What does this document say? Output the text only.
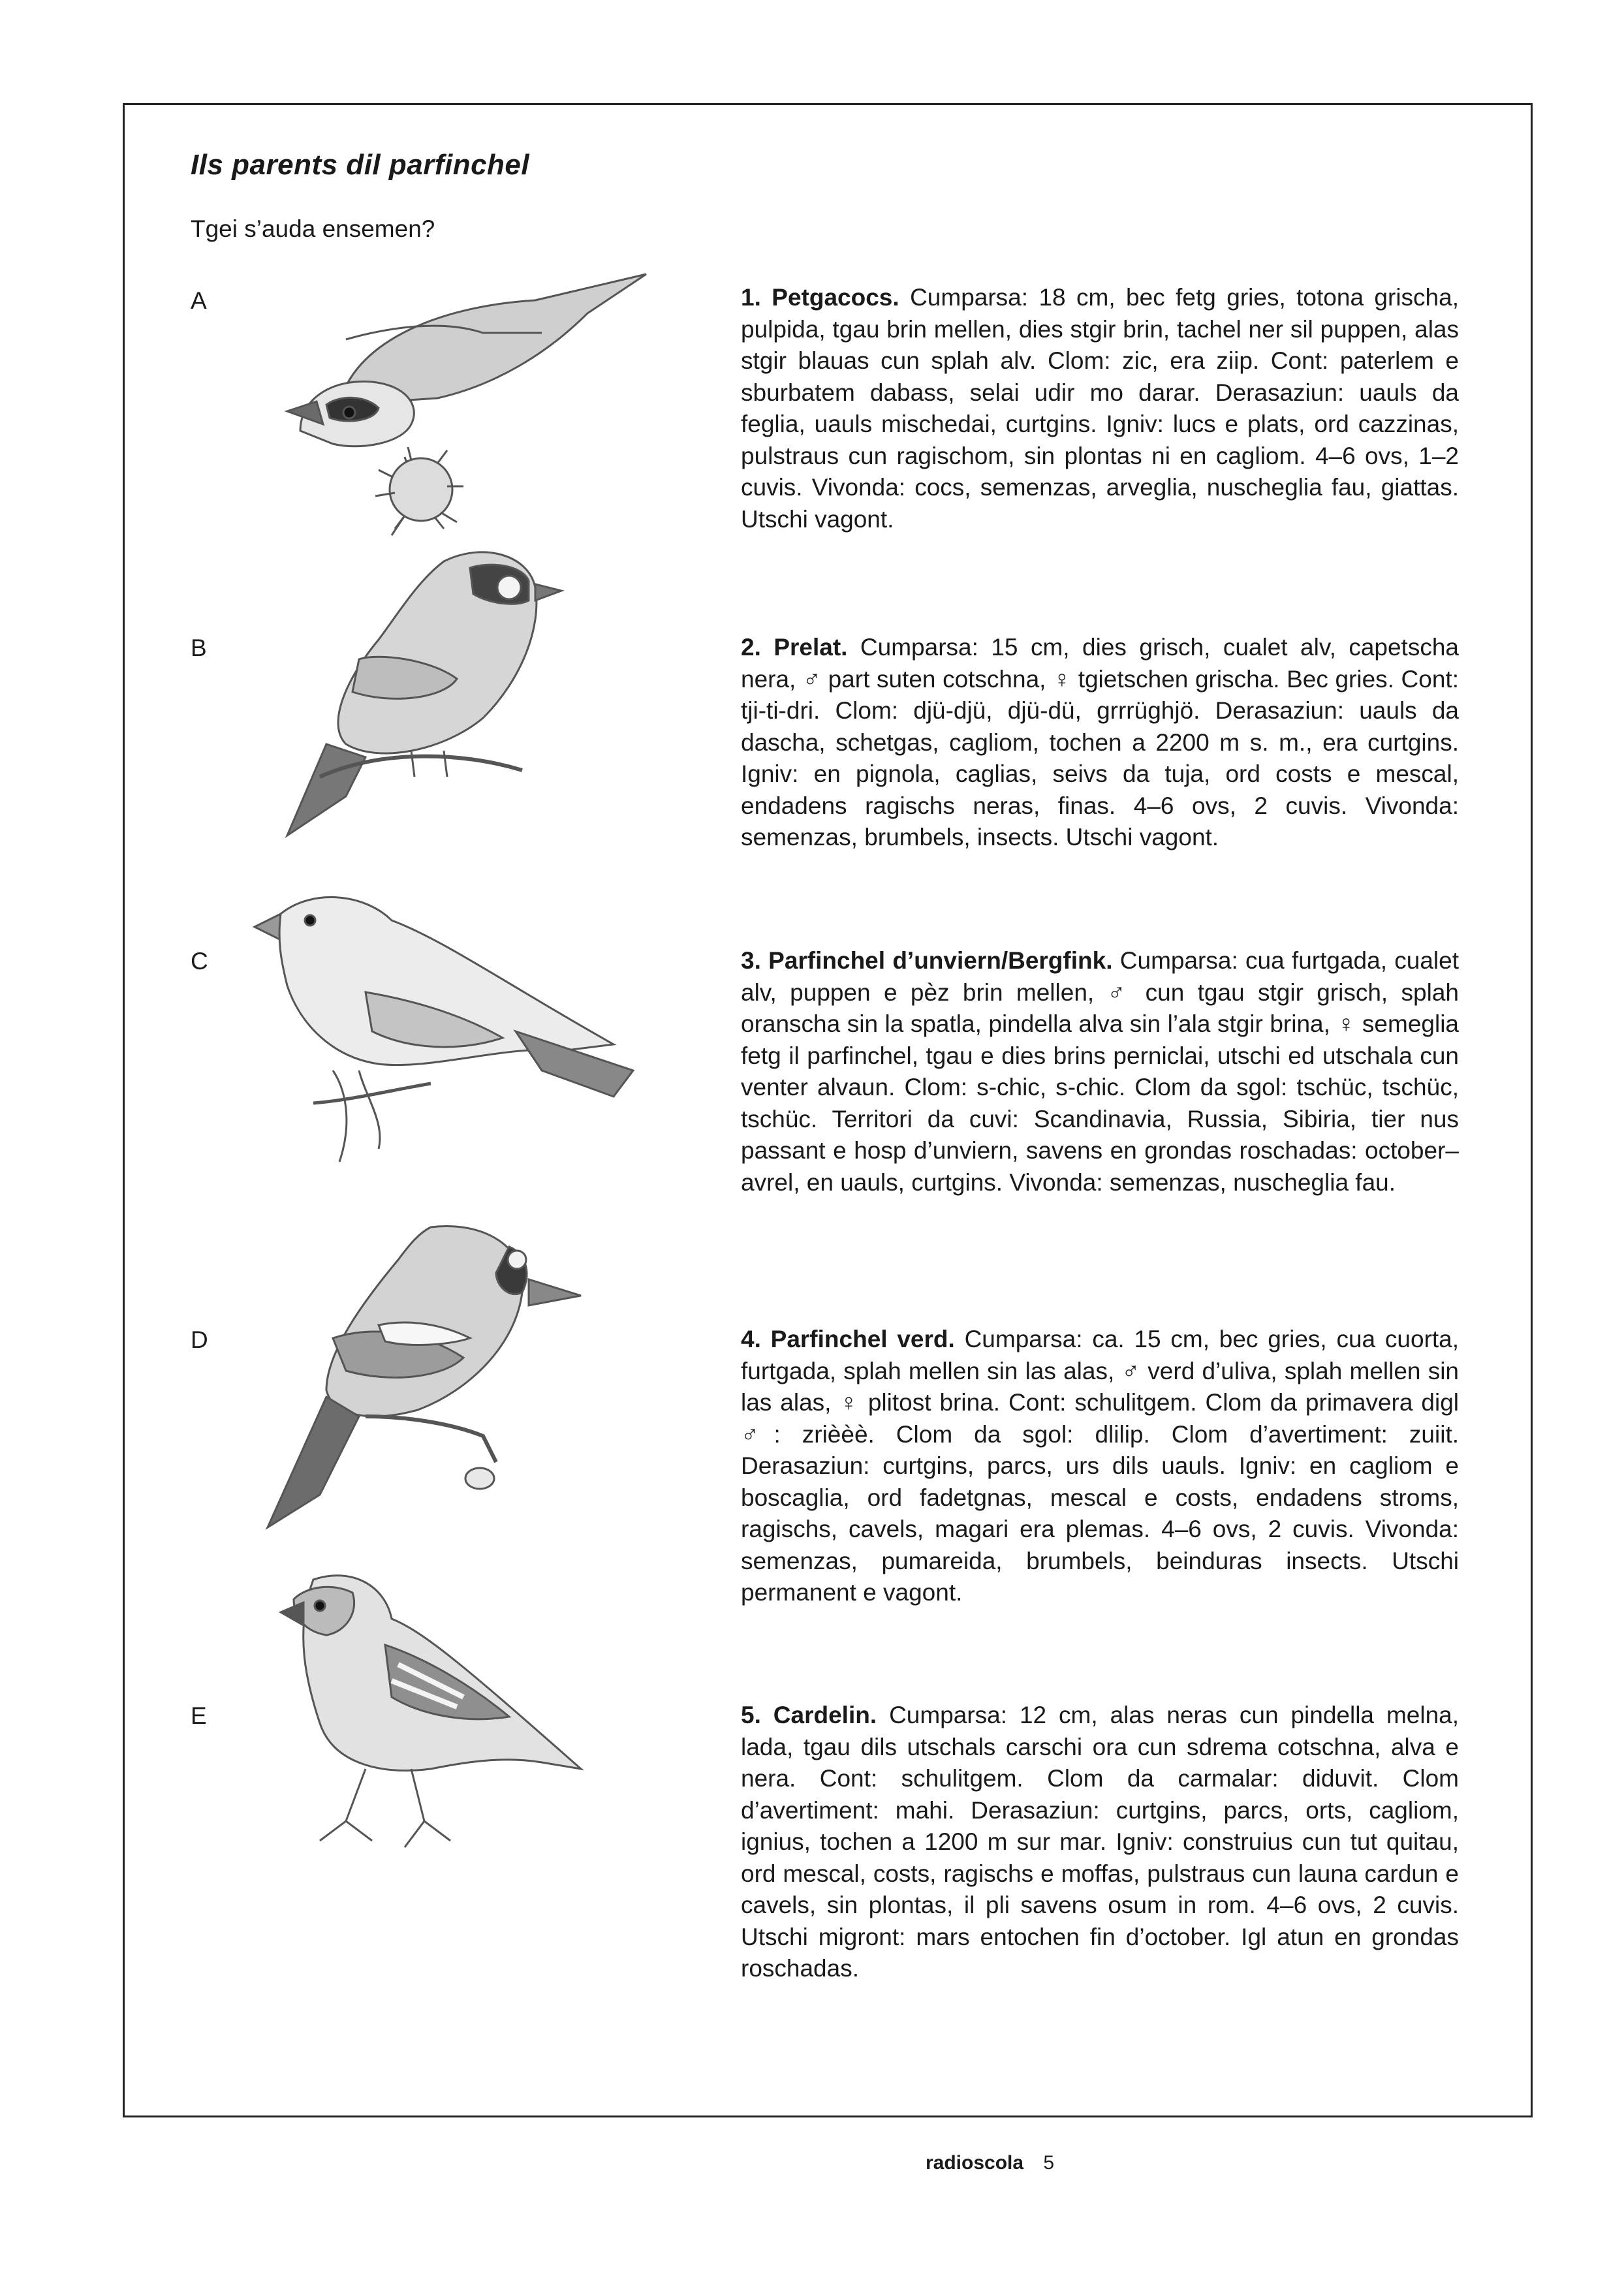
Ils parents dil parfinchel
Tgei s’auda ensemen?
A
B
C
D
E
1. Petgacocs. Cumparsa: 18 cm, bec fetg gries, totona grischa, pulpida, tgau brin mellen, dies stgir brin, tachel ner sil puppen, alas stgir blauas cun splah alv. Clom: zic, era ziip. Cont: paterlem e sburbatem dabass, selai udir mo darar. Derasaziun: uauls da feglia, uauls mischedai, curtgins. Igniv: lucs e plats, ord cazzinas, pulstraus cun ragischom, sin plontas ni en cagliom. 4–6 ovs, 1–2 cuvis. Vivonda: cocs, semenzas, arveglia, nuscheglia fau, giattas. Utschi vagont.
2. Prelat. Cumparsa: 15 cm, dies grisch, cualet alv, capetscha nera, ♂ part suten cotschna, ♀ tgietschen grischa. Bec gries. Cont: tji-ti-dri. Clom: djü-djü, djü-dü, grrrüghjö. Derasaziun: uauls da dascha, schetgas, cagliom, tochen a 2200 m s. m., era curtgins. Igniv: en pignola, caglias, seivs da tuja, ord costs e mescal, endadens ragischs neras, finas. 4–6 ovs, 2 cuvis. Vivonda: semenzas, brumbels, insects. Utschi vagont.
3. Parfinchel d’unviern/Bergfink. Cumparsa: cua furtgada, cualet alv, puppen e pèz brin mellen, ♂ cun tgau stgir grisch, splah oranscha sin la spatla, pindella alva sin l’ala stgir brina, ♀ semeglia fetg il parfinchel, tgau e dies brins perniclai, utschi ed utschala cun venter alvaun. Clom: s-chic, s-chic. Clom da sgol: tschüc, tschüc, tschüc. Territori da cuvi: Scandinavia, Russia, Sibiria, tier nus passant e hosp d’unviern, savens en grondas roschadas: october–avrel, en uauls, curtgins. Vivonda: semenzas, nuscheglia fau.
4. Parfinchel verd. Cumparsa: ca. 15 cm, bec gries, cua cuorta, furtgada, splah mellen sin las alas, ♂ verd d’uliva, splah mellen sin las alas, ♀ plitost brina. Cont: schulitgem. Clom da primavera digl ♂: zrièèè. Clom da sgol: dlilip. Clom d’avertiment: zuiit. Derasaziun: curtgins, parcs, urs dils uauls. Igniv: en cagliom e boscaglia, ord fadetgnas, mescal e costs, endadens stroms, ragischs, cavels, magari era plemas. 4–6 ovs, 2 cuvis. Vivonda: semenzas, pumareida, brumbels, beinduras insects. Utschi permanent e vagont.
5. Cardelin. Cumparsa: 12 cm, alas neras cun pindella melna, lada, tgau dils utschals carschi ora cun sdrema cotschna, alva e nera. Cont: schulitgem. Clom da carmalar: diduvit. Clom d’avertiment: mahi. Derasaziun: curtgins, parcs, orts, cagliom, ignius, tochen a 1200 m sur mar. Igniv: construius cun tut quitau, ord mescal, costs, ragischs e moffas, pulstraus cun launa cardun e cavels, sin plontas, il pli savens osum in rom. 4–6 ovs, 2 cuvis. Utschi migront: mars entochen fin d’october. Igl atun en grondas roschadas.
radioscola 5
